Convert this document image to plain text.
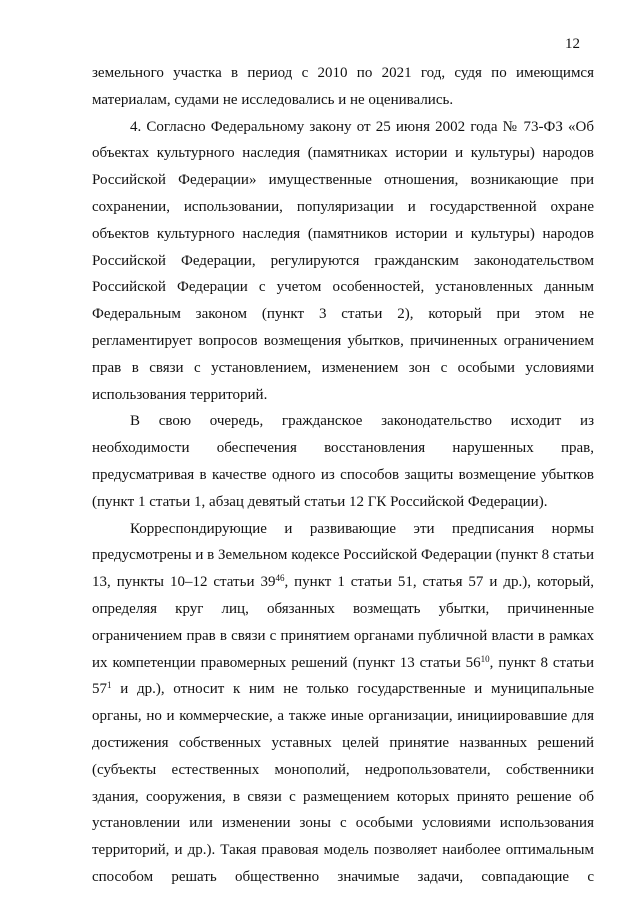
12

земельного участка в период с 2010 по 2021 год, судя по имеющимся материалам, судами не исследовались и не оценивались.

4. Согласно Федеральному закону от 25 июня 2002 года № 73-ФЗ «Об объектах культурного наследия (памятниках истории и культуры) народов Российской Федерации» имущественные отношения, возникающие при сохранении, использовании, популяризации и государственной охране объектов культурного наследия (памятников истории и культуры) народов Российской Федерации, регулируются гражданским законодательством Российской Федерации с учетом особенностей, установленных данным Федеральным законом (пункт 3 статьи 2), который при этом не регламентирует вопросов возмещения убытков, причиненных ограничением прав в связи с установлением, изменением зон с особыми условиями использования территорий.

В свою очередь, гражданское законодательство исходит из необходимости обеспечения восстановления нарушенных прав, предусматривая в качестве одного из способов защиты возмещение убытков (пункт 1 статьи 1, абзац девятый статьи 12 ГК Российской Федерации).

Корреспондирующие и развивающие эти предписания нормы предусмотрены и в Земельном кодексе Российской Федерации (пункт 8 статьи 13, пункты 10–12 статьи $39^{46}$, пункт 1 статьи 51, статья 57 и др.), который, определяя круг лиц, обязанных возмещать убытки, причиненные ограничением прав в связи с принятием органами публичной власти в рамках их компетенции правомерных решений (пункт 13 статьи $56^{10}$, пункт 8 статьи $57^1$ и др.), относит к ним не только государственные и муниципальные органы, но и коммерческие, а также иные организации, инициировавшие для достижения собственных уставных целей принятие названных решений (субъекты естественных монополий, недропользователи, собственники здания, сооружения, в связи с размещением которых принято решение об установлении или изменении зоны с особыми условиями использования территорий, и др.). Такая правовая модель позволяет наиболее оптимальным способом решать общественно значимые задачи, совпадающие с
